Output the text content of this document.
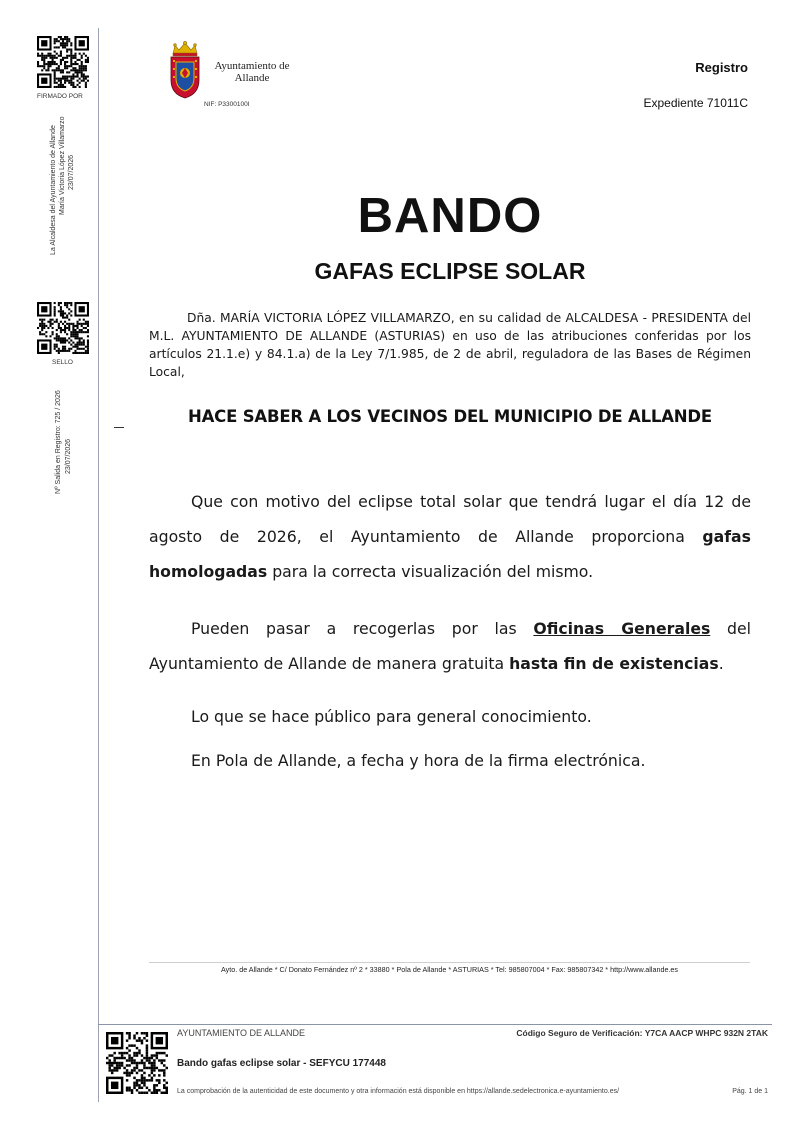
FIRMADO POR
La Alcaldesa del Ayuntamiento de Allande María Victoria López Villamarzo 23/07/2026
SELLO
Nº Salida en Registro: 725 / 2026 23/07/2026
Ayuntamiento de
Allande
NIF: P3300100I
Registro
Expediente 71011C
BANDO
GAFAS ECLIPSE SOLAR
Dña. MARÍA VICTORIA LÓPEZ VILLAMARZO, en su calidad de ALCALDESA - PRESIDENTA del M.L. AYUNTAMIENTO DE ALLANDE (ASTURIAS) en uso de las atribuciones conferidas por los artículos 21.1.e) y 84.1.a) de la Ley 7/1.985, de 2 de abril, reguladora de las Bases de Régimen Local,
HACE SABER A LOS VECINOS DEL MUNICIPIO DE ALLANDE
Que con motivo del eclipse total solar que tendrá lugar el día 12 de agosto de 2026, el Ayuntamiento de Allande proporciona gafas homologadas para la correcta visualización del mismo.
Pueden pasar a recogerlas por las Oficinas Generales del Ayuntamiento de Allande de manera gratuita hasta fin de existencias.
Lo que se hace público para general conocimiento.
En Pola de Allande, a fecha y hora de la firma electrónica.
Ayto. de Allande * C/ Donato Fernández nº 2 * 33880 * Pola de Allande * ASTURIAS * Tel: 985807004 * Fax: 985807342 * http://www.allande.es
AYUNTAMIENTO DE ALLANDE	Código Seguro de Verificación: Y7CA AACP WHPC 932N 2TAK
Bando gafas eclipse solar - SEFYCU 177448
La comprobación de la autenticidad de este documento y otra información está disponible en https://allande.sedelectronica.e-ayuntamiento.es/	Pág. 1 de 1
